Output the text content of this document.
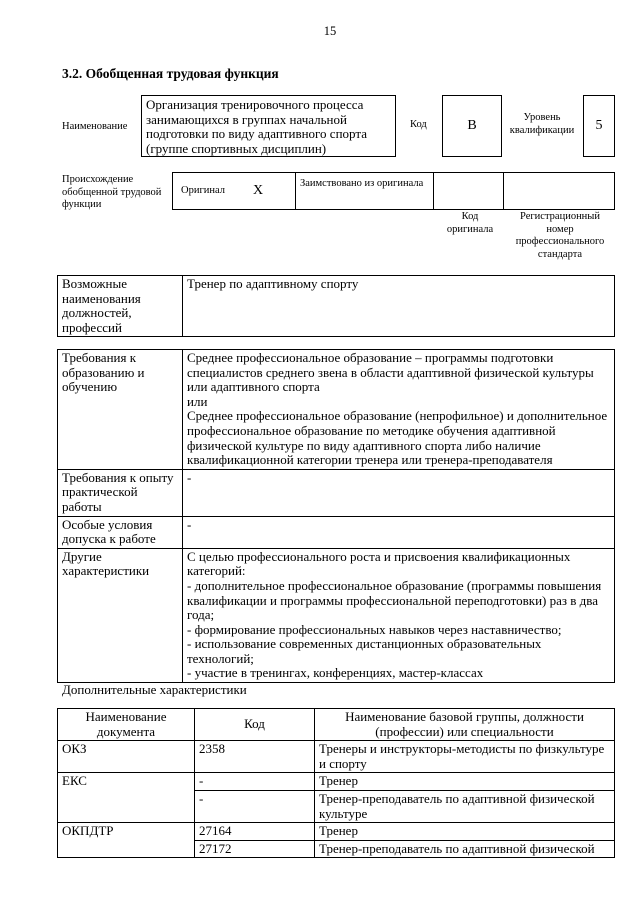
15
3.2. Обобщенная трудовая функция
Наименование
Организация тренировочного процесса занимающихся в группах начальной подготовки по виду адаптивного спорта (группе спортивных дисциплин)
Код	B
Уровень квалификации	5
Происхождение обобщенной трудовой функции
Оригинал X	Заимствовано из оригинала
Код оригинала
Регистрационный номер профессионального стандарта
Возможные наименования должностей, профессий	Тренер по адаптивному спорту
Требования к образованию и обучению	Среднее профессиональное образование – программы подготовки специалистов среднего звена в области адаптивной физической культуры или адаптивного спорта
или
Среднее профессиональное образование (непрофильное) и дополнительное профессиональное образование по методике обучения адаптивной физической культуре по виду адаптивного спорта либо наличие квалификационной категории тренера или тренера-преподавателя
Требования к опыту практической работы	-
Особые условия допуска к работе	-
Другие характеристики	С целью профессионального роста и присвоения квалификационных категорий:
- дополнительное профессиональное образование (программы повышения квалификации и программы профессиональной переподготовки) раз в два года;
- формирование профессиональных навыков через наставничество;
- использование современных дистанционных образовательных технологий;
- участие в тренингах, конференциях, мастер-классах
Дополнительные характеристики
Наименование документа	Код	Наименование базовой группы, должности (профессии) или специальности
ОКЗ	2358	Тренеры и инструкторы-методисты по физкультуре и спорту
ЕКС	-	Тренер
	-	Тренер-преподаватель по адаптивной физической культуре
ОКПДТР	27164	Тренер
	27172	Тренер-преподаватель по адаптивной физической
